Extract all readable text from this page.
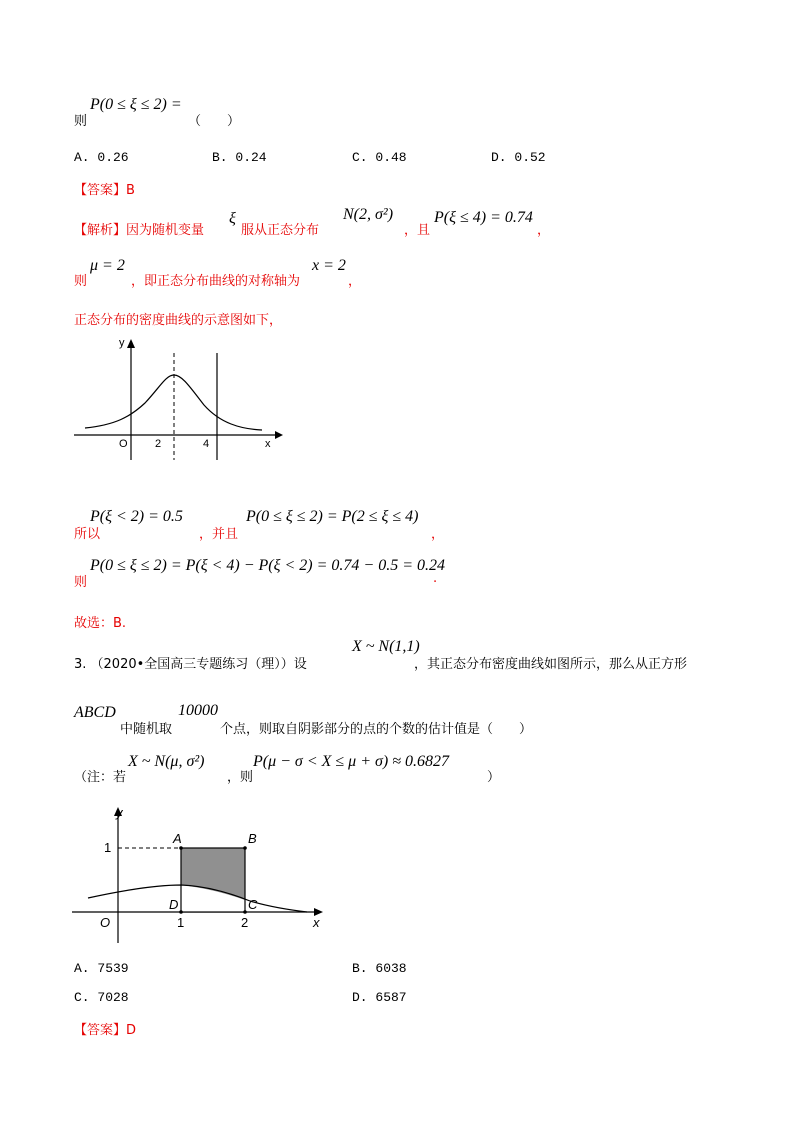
则
P(0 ≤ ξ ≤ 2) =
（　　）
A. 0.26	B. 0.24	C. 0.48	D. 0.52
【答案】B
【解析】因为随机变量
ξ
服从正态分布
N(2, σ²)
，且
P(ξ ≤ 4) = 0.74
，
则
μ = 2
，即正态分布曲线的对称轴为
x = 2
，
正态分布的密度曲线的示意图如下，
y
O 2	4	x
所以
P(ξ < 2) = 0.5
，并且
P(0 ≤ ξ ≤ 2) = P(2 ≤ ξ ≤ 4)
，
则
P(0 ≤ ξ ≤ 2) = P(ξ < 4) − P(ξ < 2) = 0.74 − 0.5 = 0.24
.
故选：B.
3. （2020•全国高三专题练习（理））设
X ~ N(1,1)
，其正态分布密度曲线如图所示，那么从正方形
ABCD
中随机取
10000
个点，则取自阴影部分的点的个数的估计值是（　　）
（注：若
X ~ N(μ, σ²)
，则
P(μ − σ < X ≤ μ + σ) ≈ 0.6827
）
y
x
O
A	B
C
D
1
1	2
A. 7539	B. 6038
C. 7028	D. 6587
【答案】D
